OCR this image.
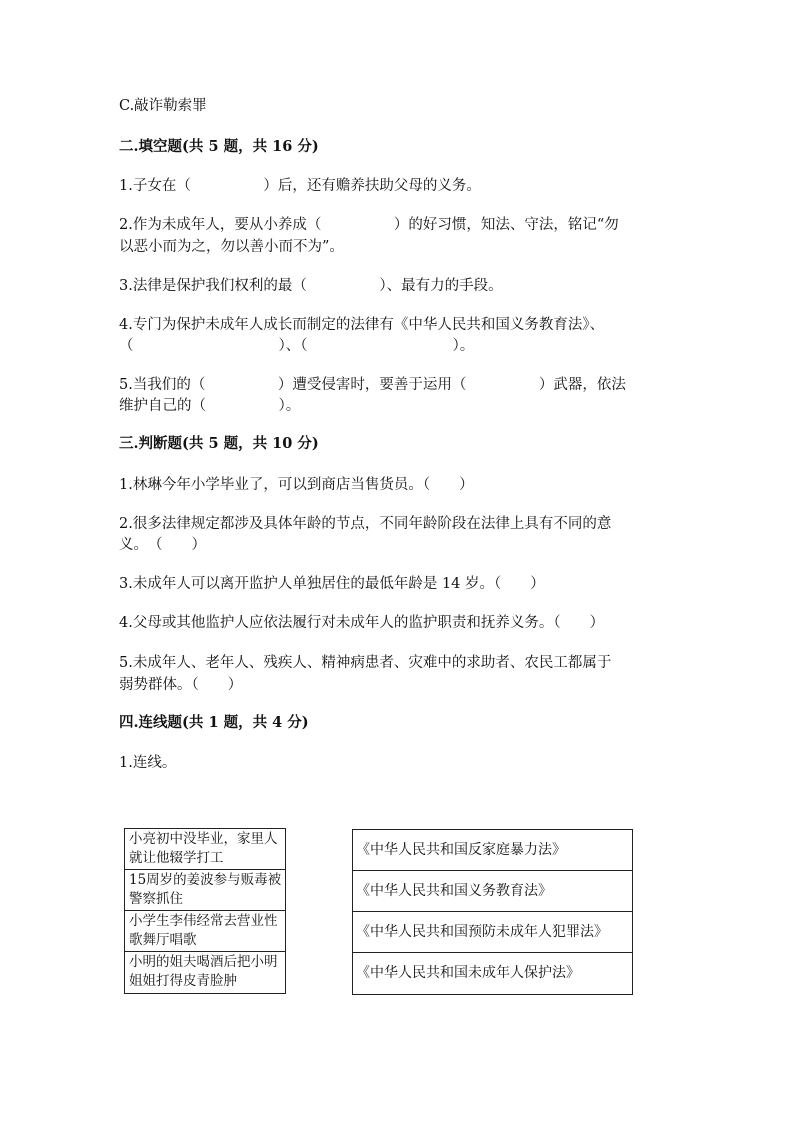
C.敲诈勒索罪
二.填空题(共 5 题，共 16 分)
1.子女在（　　　　　）后，还有赡养扶助父母的义务。
2.作为未成年人，要从小养成（　　　　　）的好习惯，知法、守法，铭记“勿
以恶小而为之，勿以善小而不为”。
3.法律是保护我们权利的最（　　　　　）、最有力的手段。
4.专门为保护未成年人成长而制定的法律有《中华人民共和国义务教育法》、
（　　　　　　　　　　）、（　　　　　　　　　　）。
5.当我们的（　　　　　）遭受侵害时，要善于运用（　　　　　）武器，依法
维护自己的（　　　　　）。
三.判断题(共 5 题，共 10 分)
1.林琳今年小学毕业了，可以到商店当售货员。（　　）
2.很多法律规定都涉及具体年龄的节点，不同年龄阶段在法律上具有不同的意
义。　（　　）
3.未成年人可以离开监护人单独居住的最低年龄是 14 岁。（　　）
4.父母或其他监护人应依法履行对未成年人的监护职责和抚养义务。（　　）
5.未成年人、老年人、残疾人、精神病患者、灾难中的求助者、农民工都属于
弱势群体。（　　）
四.连线题(共 1 题，共 4 分)
1.连线。
小亮初中没毕业，家里人就让他辍学打工
15周岁的姜波参与贩毒被警察抓住
小学生李伟经常去营业性歌舞厅唱歌
小明的姐夫喝酒后把小明姐姐打得皮青脸肿
《中华人民共和国反家庭暴力法》
《中华人民共和国义务教育法》
《中华人民共和国预防未成年人犯罪法》
《中华人民共和国未成年人保护法》
